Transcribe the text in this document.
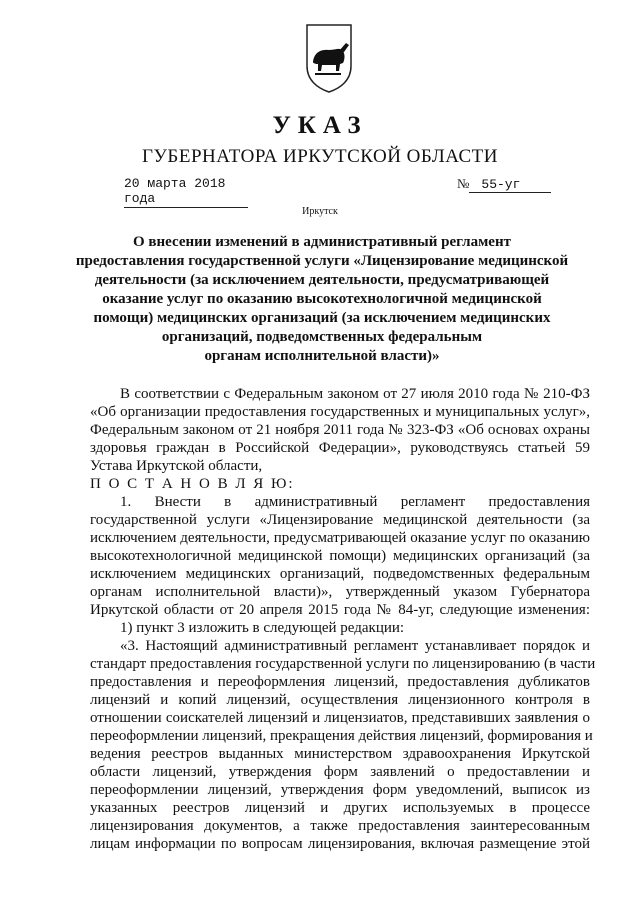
УКАЗ
ГУБЕРНАТОРА ИРКУТСКОЙ ОБЛАСТИ
20 марта 2018 года
№ 55-уг
Иркутск
О внесении изменений в административный регламент
предоставления государственной услуги «Лицензирование медицинской
деятельности (за исключением деятельности, предусматривающей
оказание услуг по оказанию высокотехнологичной медицинской
помощи) медицинских организаций (за исключением медицинских
организаций, подведомственных федеральным
органам исполнительной власти)»
В соответствии с Федеральным законом от 27 июля 2010 года № 210-ФЗ
«Об организации предоставления государственных и муниципальных услуг»,
Федеральным законом от 21 ноября 2011 года № 323-ФЗ «Об основах охраны
здоровья граждан в Российской Федерации», руководствуясь статьей 59
Устава Иркутской области,
П О С Т А Н О В Л Я Ю:
1. Внести в административный регламент предоставления
государственной услуги «Лицензирование медицинской деятельности (за
исключением деятельности, предусматривающей оказание услуг по оказанию
высокотехнологичной медицинской помощи) медицинских организаций (за
исключением медицинских организаций, подведомственных федеральным
органам исполнительной власти)», утвержденный указом Губернатора
Иркутской области от 20 апреля 2015 года № 84-уг, следующие изменения:
1) пункт 3 изложить в следующей редакции:
«3. Настоящий административный регламент устанавливает порядок и
стандарт предоставления государственной услуги по лицензированию (в части
предоставления и переоформления лицензий, предоставления дубликатов
лицензий и копий лицензий, осуществления лицензионного контроля в
отношении соискателей лицензий и лицензиатов, представивших заявления о
переоформлении лицензий, прекращения действия лицензий, формирования и
ведения реестров выданных министерством здравоохранения Иркутской
области лицензий, утверждения форм заявлений о предоставлении и
переоформлении лицензий, утверждения форм уведомлений, выписок из
указанных реестров лицензий и других используемых в процессе
лицензирования документов, а также предоставления заинтересованным
лицам информации по вопросам лицензирования, включая размещение этой
